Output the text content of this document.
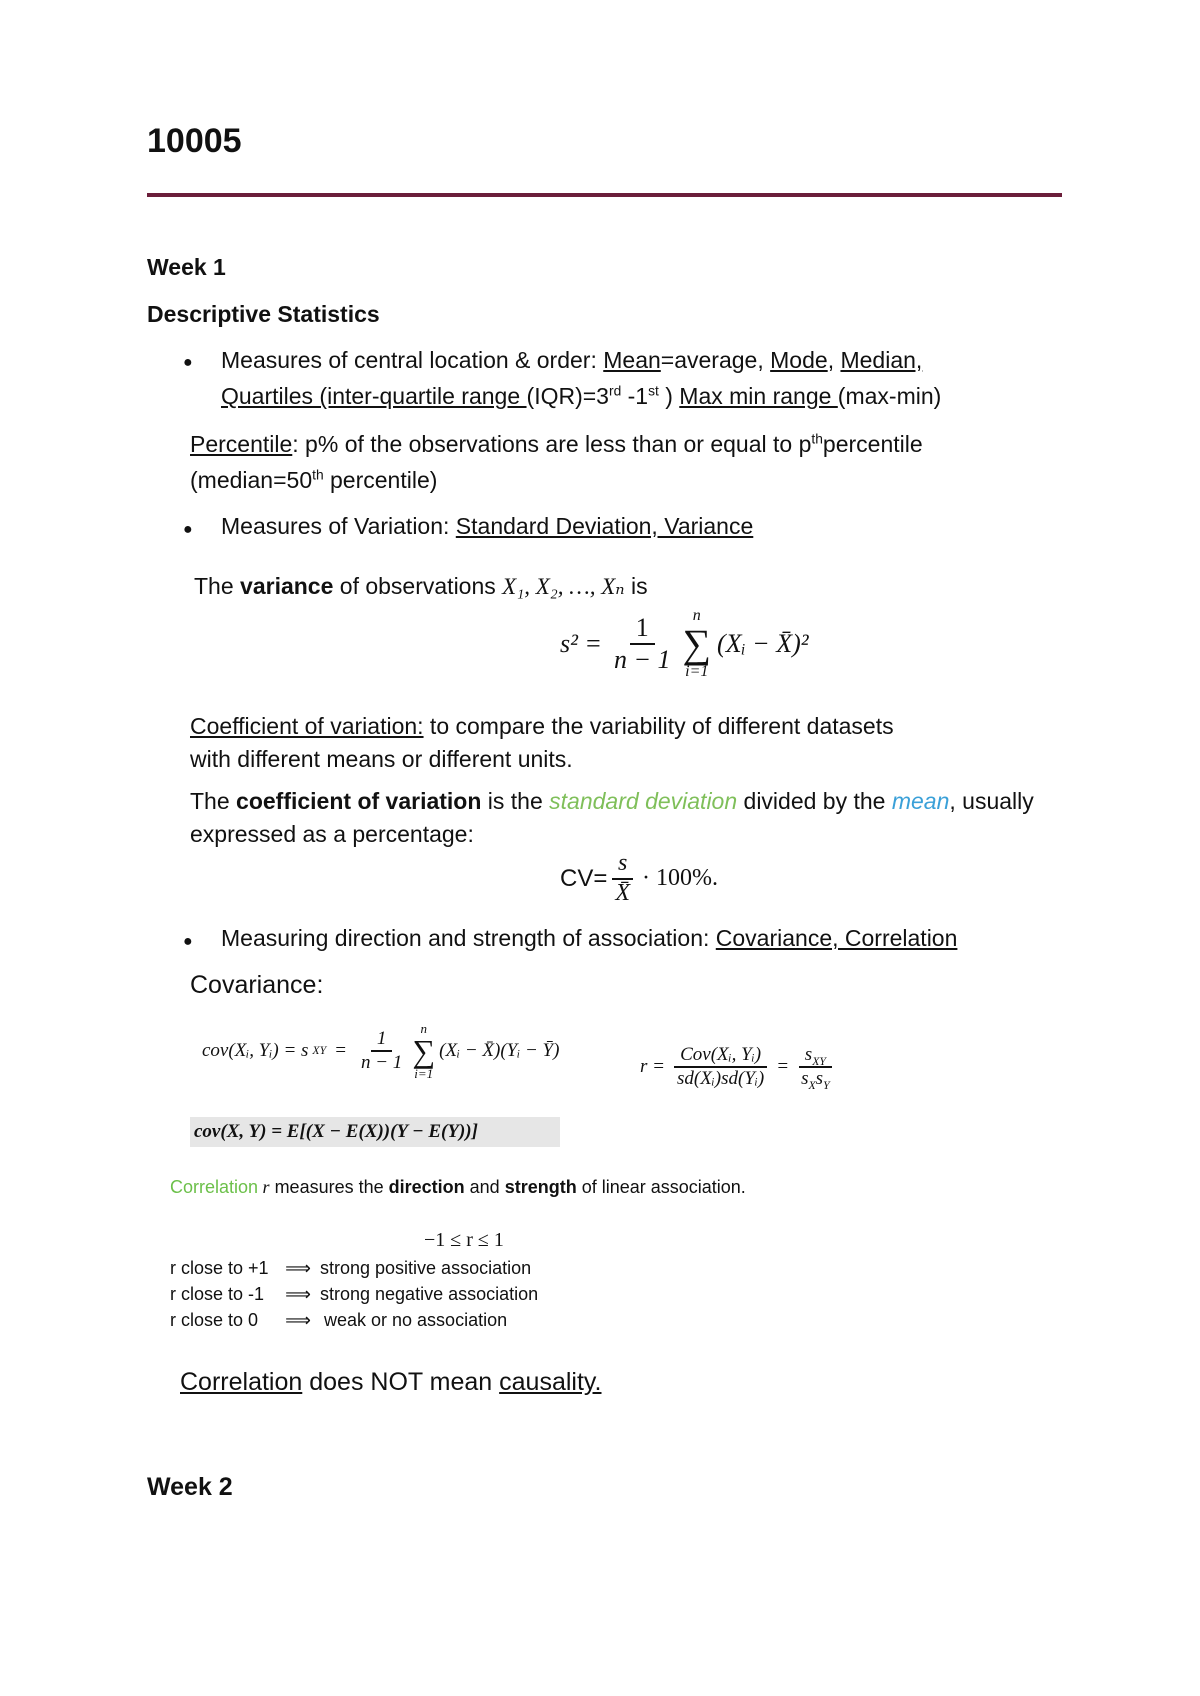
10005
Week 1
Descriptive Statistics
● Measures of central location & order: Mean=average, Mode, Median,
Quartiles (inter-quartile range (IQR)=3rd -1st ) Max min range (max-min)
Percentile: p% of the observations are less than or equal to $p^{th}percentile$
(median=50th percentile)
● Measures of Variation: Standard Deviation, Variance
The variance of observations X₁, X₂, …, Xₙ is
$s^2 = \frac{1}{n - 1}$ n
∑
i=1
(Xᵢ − X̄)²
Coefficient of variation: to compare the variability of different datasets
with different means or different units.
The coefficient of variation is the standard deviation divided by the mean, usually
expressed as a percentage:
$CV= \frac{s}{X̄} \cdot 100\%$.
● Measuring direction and strength of association: Covariance, Correlation
Covariance:
cov(Xᵢ, Yᵢ) = s XY = $\frac{1}{n - 1}$ n
∑
i=1
(Xᵢ − X̄)(Yᵢ − Ȳ)
$r = \frac{\text{Cov(Xᵢ, Yᵢ)}}{\text{sd(Xᵢ)sd(Yᵢ)}} = \frac{s_{XY}}{s_Xs_Y}$
cov(X, Y) = E[(X − E(X))(Y − E(Y))]
Correlation r measures the direction and strength of linear association.
−1 ≤ r ≤ 1
r close to +1 ⟹ strong positive association
r close to -1	⟹ strong negative association
r close to 0	⟹ weak or no association
Correlation does NOT mean causality.
Week 2
